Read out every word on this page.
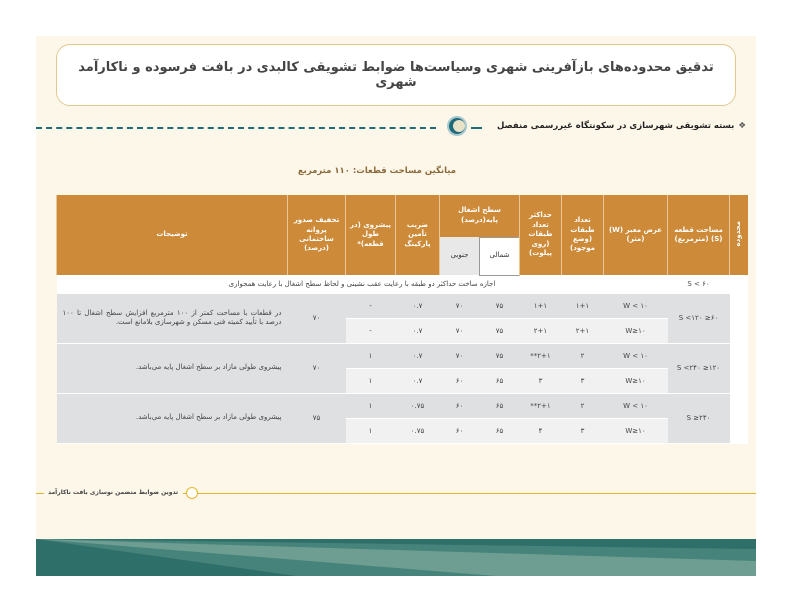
تدقیق محدوده‌های بازآفرینی شهری وسیاست‌ها ضوابط تشویقی کالبدی در بافت فرسوده و ناکارآمد شهری
❖بسته تشویقی شهرسازی در سکونتگاه غیررسمی منفصل
میانگین مساحت قطعات: ۱۱۰ مترمربع
محدوده	مساحت قطعه (S) (مترمربع)	عرض معبر (W) (متر)	تعداد طبقات (وضع موجود)	حداکثر تعداد طبقات (روی پیلوت)	سطح اشغال پایه(درصد)		ضریب تأمین پارکینگ	پیشروی (در طول قطعه)*	تخفیف صدور پروانه ساختمانی (درصد)	توضیحات
					شمالی	جنوبی				
ناصر آباد	S < ۶۰	اجازه ساخت حداکثر دو طبقه با رعایت عقب نشینی و لحاظ سطح اشغال با رعایت همجواری								
	۶۰≤ S <۱۲۰	W < ۱۰	۱+۱	۱+۱	۷۵	۷۰	۰.۷	-	۷۰	در قطعات با مساحت کمتر از ۱۰۰ مترمربع افزایش سطح اشغال تا ۱۰۰ درصد با تأیید کمیته فنی مسکن و شهرسازی بلامانع است.
		W≥۱۰	۲+۱	۲+۱	۷۵	۷۰	۰.۷	-		
	۱۲۰≤ S <۲۴۰	W < ۱۰	۲	۲+۱**	۷۵	۷۰	۰.۷	۱	۷۰	پیشروی طولی مازاد بر سطح اشغال پایه می‌باشد.
		W≥۱۰	۳	۳	۶۵	۶۰	۰.۷	۱		
	S ≥۲۴۰	W < ۱۰	۲	۲+۱**	۶۵	۶۰	۰.۷۵	۱	۷۵	پیشروی طولی مازاد بر سطح اشغال پایه می‌باشد.
		W≥۱۰	۳	۴	۶۵	۶۰	۰.۷۵	۱		
تدوین ضوابط متضمن نوسازی بافت ناکارآمد
